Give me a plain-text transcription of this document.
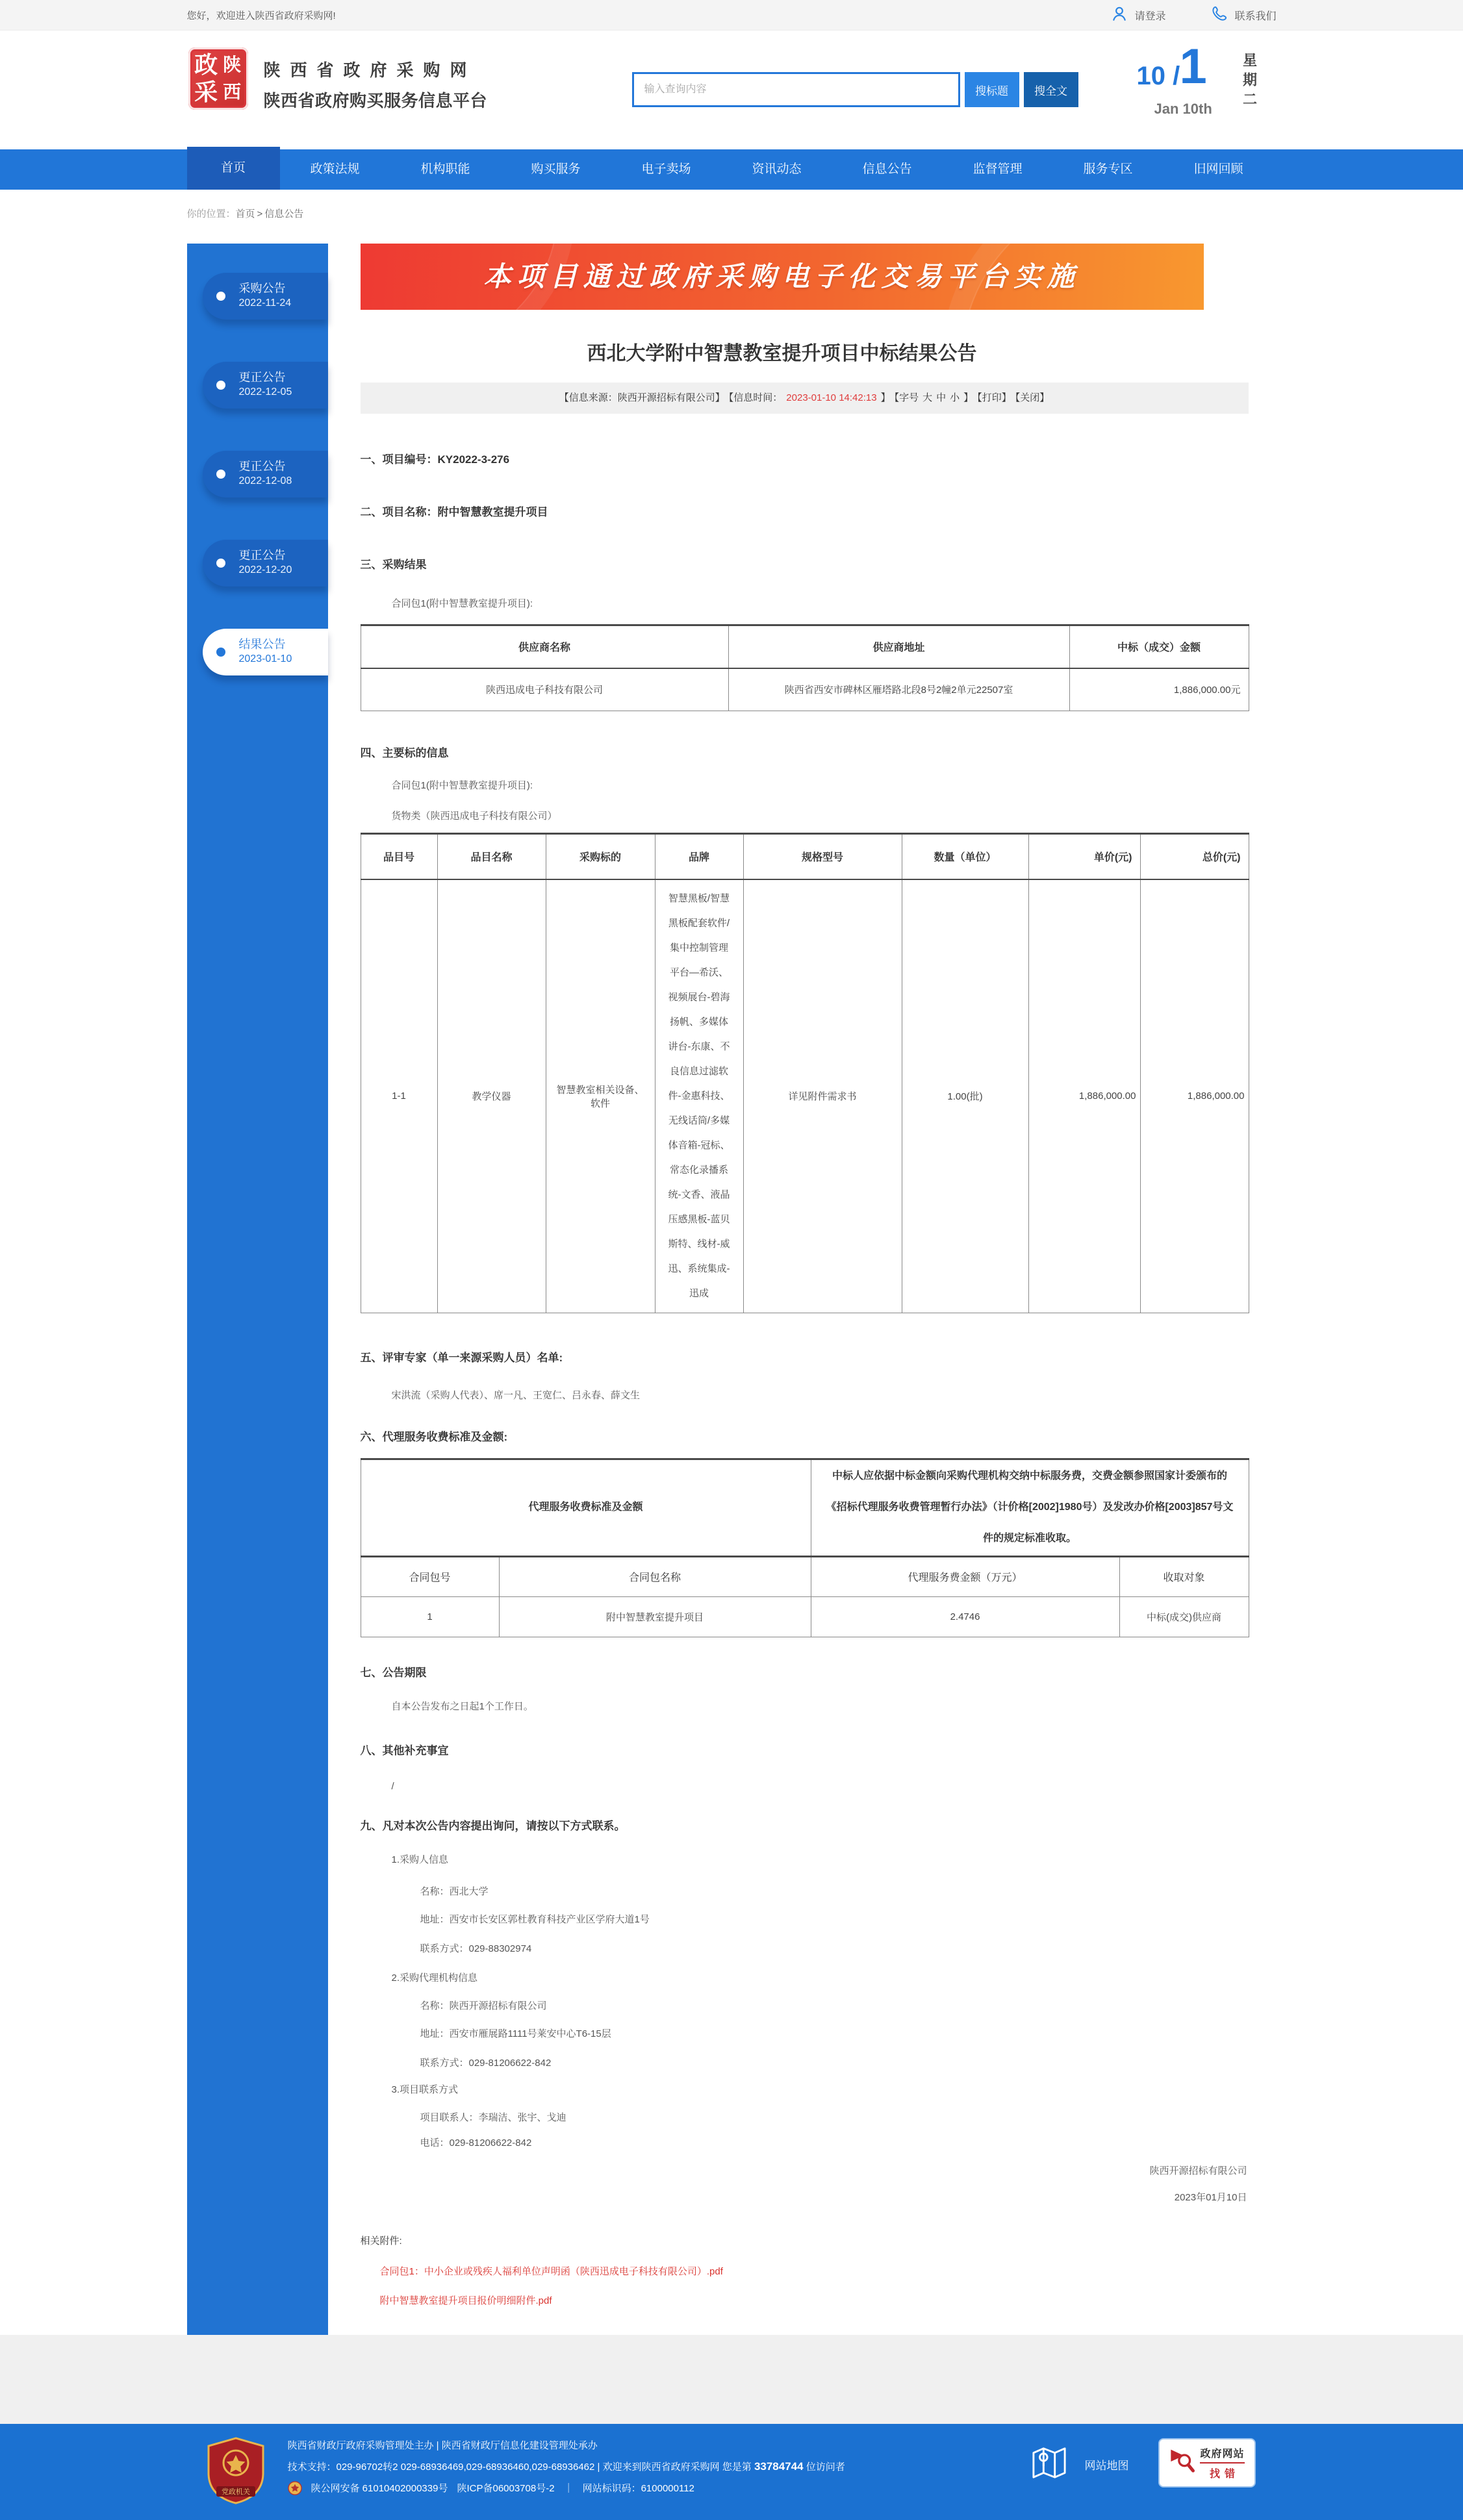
您好，欢迎进入陕西省政府采购网!	请登录	联系我们
政 陕
采 西
陕西省政府采购网
陕西省政府购买服务信息平台
输入查询内容	搜标题	搜全文
10 / 1
Jan 10th 星期二
首页	政策法规	机构职能	购买服务	电子卖场	资讯动态	信息公告	监督管理	服务专区	旧网回顾
你的位置：首页 > 信息公告
采购公告
2022-11-24
更正公告
2022-12-05
更正公告
2022-12-08
更正公告
2022-12-20
结果公告
2023-01-10
本项目通过政府采购电子化交易平台实施
西北大学附中智慧教室提升项目中标结果公告
【信息来源：陕西开源招标有限公司】 【信息时间： 2023-01-10 14:42:13 】 【字号 大 中 小 】 【打印】 【关闭】
一、项目编号：KY2022-3-276
二、项目名称：附中智慧教室提升项目
三、采购结果
合同包1(附中智慧教室提升项目):
供应商名称	供应商地址	中标（成交）金额
陕西迅成电子科技有限公司	陕西省西安市碑林区雁塔路北段8号2幢2单元22507室	1,886,000.00元
四、主要标的信息
合同包1(附中智慧教室提升项目):
货物类（陕西迅成电子科技有限公司）
品目号	品目名称	采购标的	品牌	规格型号	数量（单位）	单价(元)	总价(元)
1-1	教学仪器	智慧教室相关设备、软件	智慧黑板/智慧黑板配套软件/集中控制管理平台—希沃、视频展台-碧海扬帆、多媒体讲台-东康、不良信息过滤软件-金惠科技、无线话筒/多媒体音箱-冠标、常态化录播系统-文香、液晶压感黑板-蓝贝斯特、线材-威迅、系统集成-迅成	详见附件需求书	1.00(批)	1,886,000.00	1,886,000.00
五、评审专家（单一来源采购人员）名单:
宋洪流（采购人代表）、席一凡、王宽仁、吕永春、薛文生
六、代理服务收费标准及金额:
代理服务收费标准及金额		中标人应依据中标金额向采购代理机构交纳中标服务费，交费金额参照国家计委颁布的《招标代理服务收费管理暂行办法》（计价格[2002]1980号）及发改办价格[2003]857号文件的规定标准收取。	
合同包号	合同包名称	代理服务费金额（万元）	收取对象
1	附中智慧教室提升项目	2.4746	中标(成交)供应商
七、公告期限
自本公告发布之日起1个工作日。
八、其他补充事宜
/
九、凡对本次公告内容提出询问，请按以下方式联系。
1.采购人信息
名称：西北大学
地址：西安市长安区郭杜教育科技产业区学府大道1号
联系方式：029-88302974
2.采购代理机构信息
名称：陕西开源招标有限公司
地址：西安市雁展路1111号莱安中心T6-15层
联系方式：029-81206622-842
3.项目联系方式
项目联系人：李瑞洁、张宇、戈迪
电话：029-81206622-842
陕西开源招标有限公司
2023年01月10日
相关附件:
合同包1：中小企业或残疾人福利单位声明函（陕西迅成电子科技有限公司）.pdf
附中智慧教室提升项目报价明细附件.pdf
党政机关
陕西省财政厅政府采购管理处主办 | 陕西省财政厅信息化建设管理处承办
技术支持：029-96702转2 029-68936469,029-68936460,029-68936462 | 欢迎来到陕西省政府采购网 您是第 33784744 位访问者
陕公网安备 61010402000339号 陕ICP备06003708号-2 ｜ 网站标识码：6100000112
网站地图
政府网站
找错
